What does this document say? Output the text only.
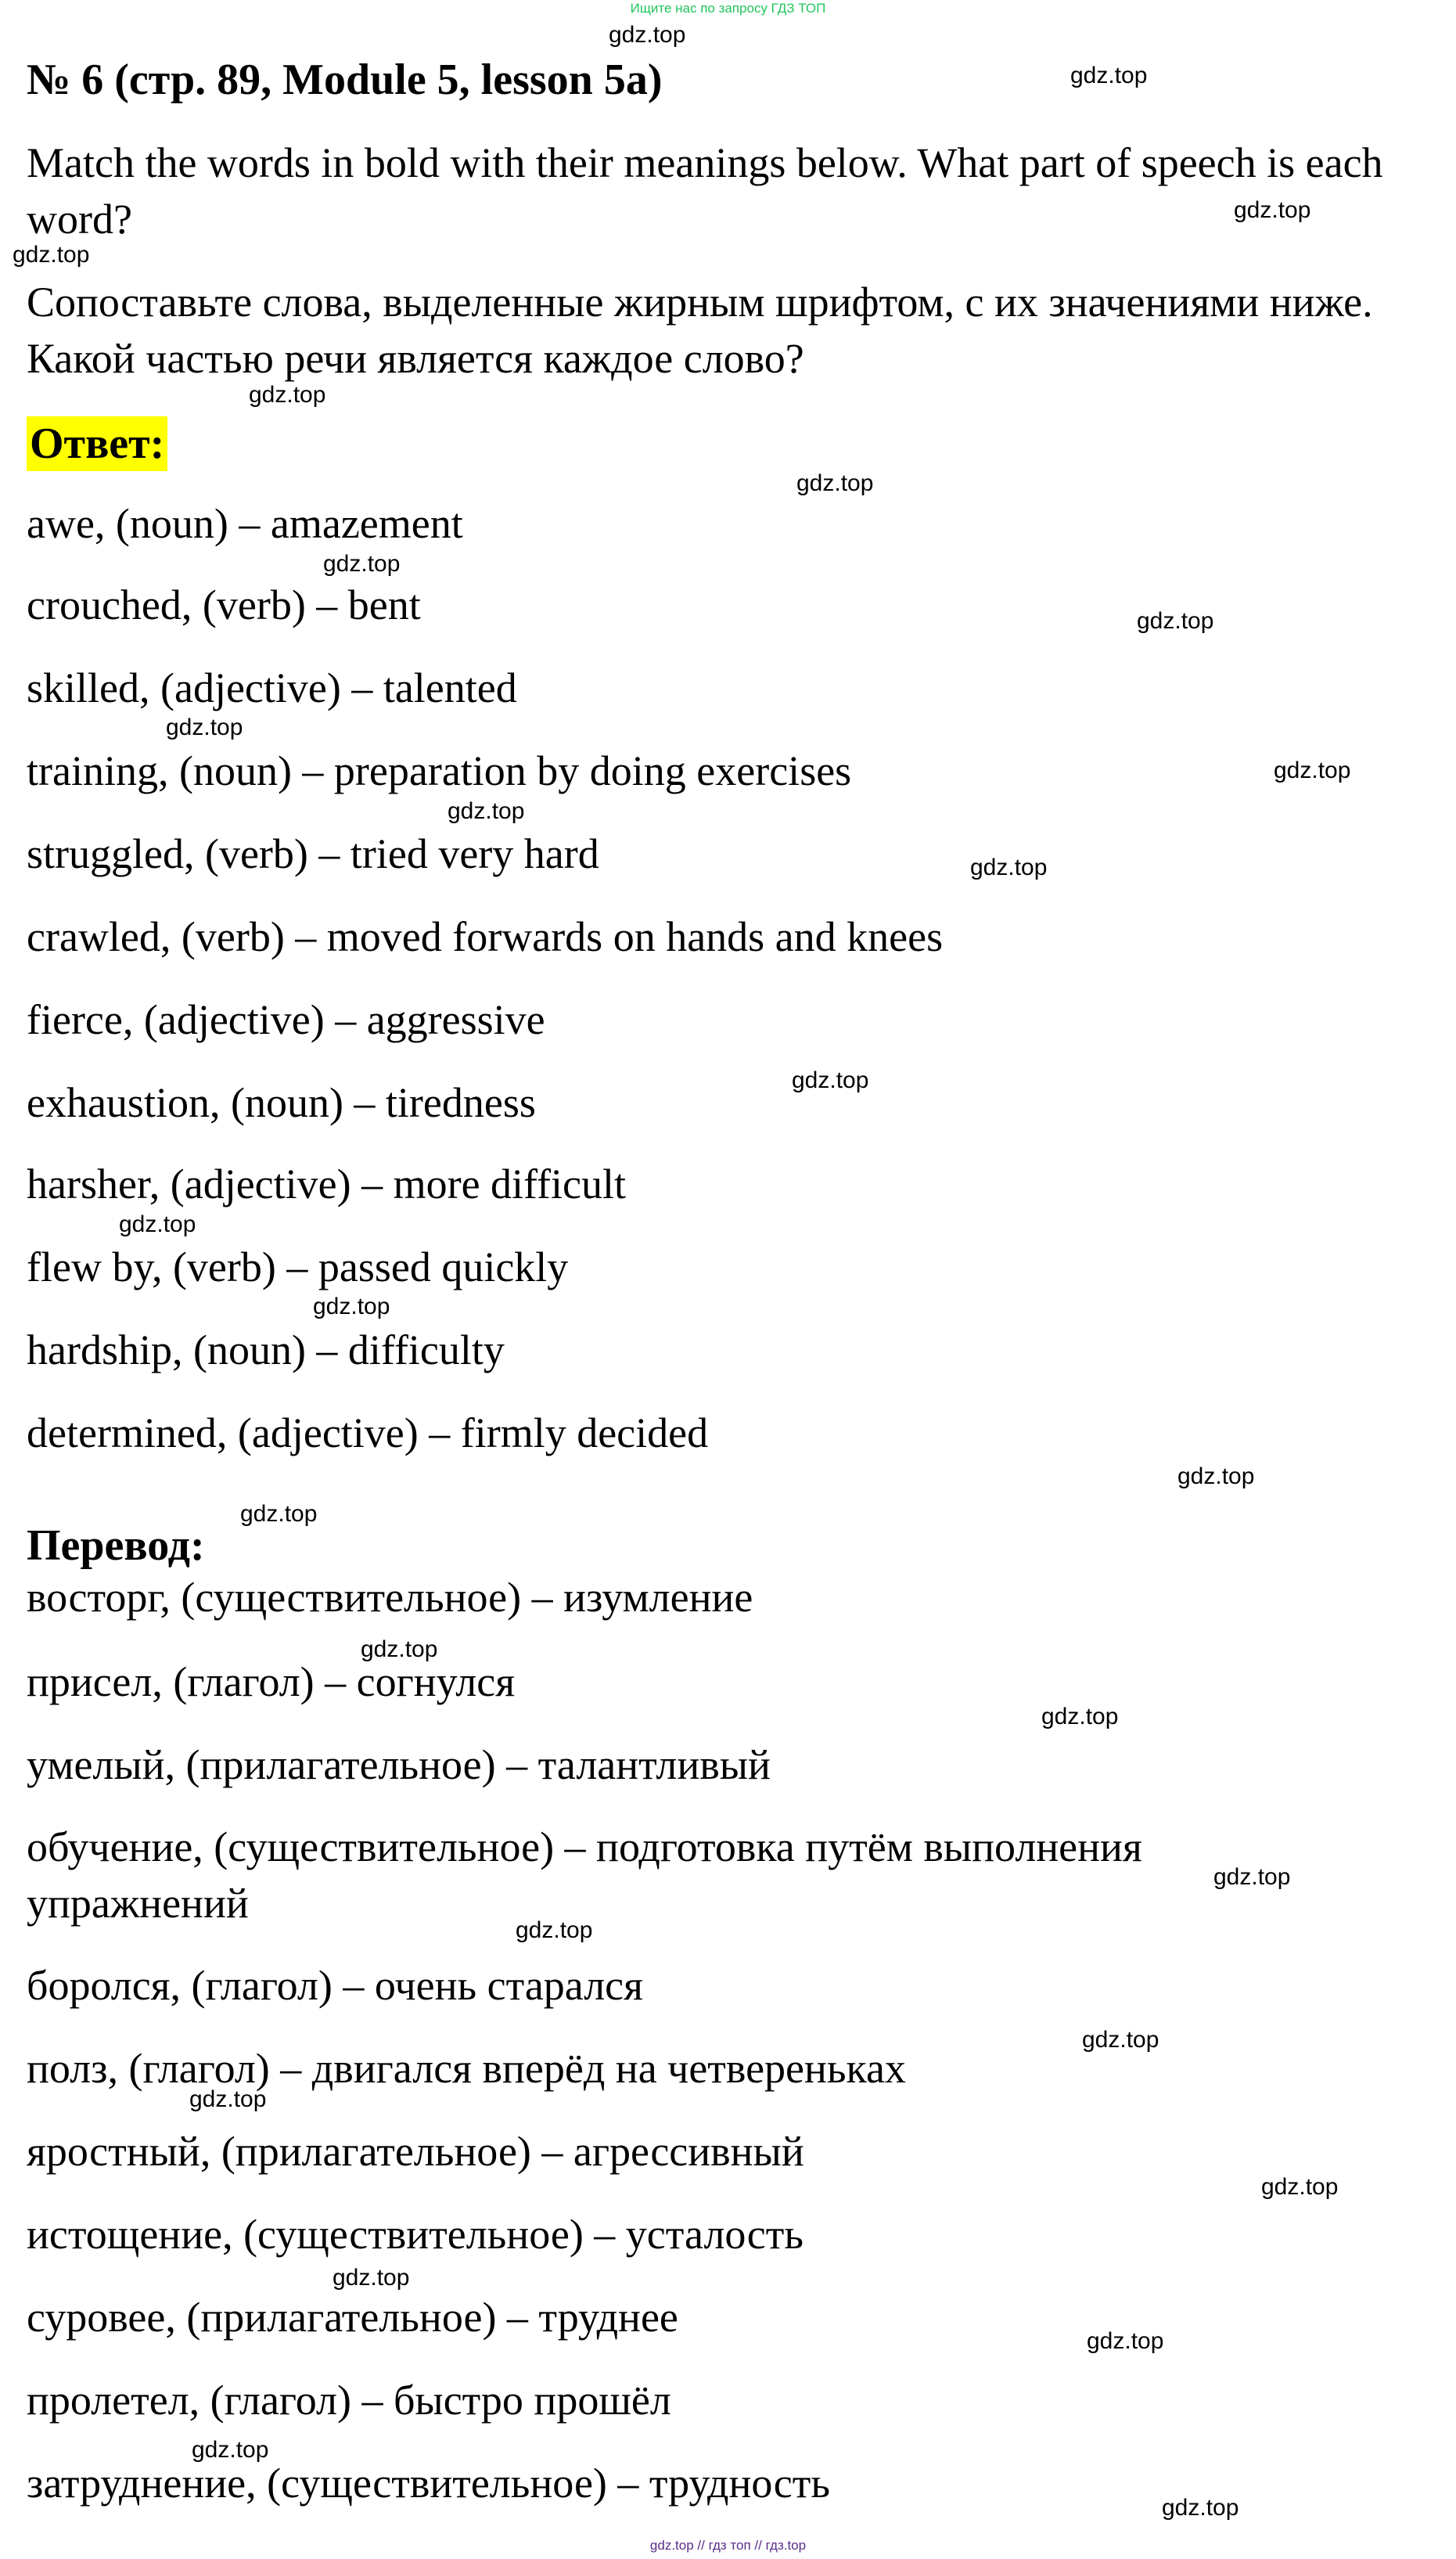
Ищите нас по запросу ГДЗ ТОП
gdz.top
№ 6 (стр. 89, Module 5, lesson 5a)	gdz.top
Match the words in bold with their meanings below. What part of speech is each word?	gdz.top
gdz.top
Сопоставьте слова, выделенные жирным шрифтом, с их значениями ниже. Какой частью речи является каждое слово?
gdz.top
Ответ:
gdz.top
awe, (noun) – amazement
gdz.top
crouched, (verb) – bent	gdz.top
skilled, (adjective) – talented
gdz.top
training, (noun) – preparation by doing exercises	gdz.top
gdz.top
struggled, (verb) – tried very hard	gdz.top
crawled, (verb) – moved forwards on hands and knees
fierce, (adjective) – aggressive
gdz.top
exhaustion, (noun) – tiredness
harsher, (adjective) – more difficult
gdz.top
flew by, (verb) – passed quickly
gdz.top
hardship, (noun) – difficulty
determined, (adjective) – firmly decided
gdz.top
Перевод:
gdz.top
восторг, (существительное) – изумление
gdz.top
присел, (глагол) – согнулся
gdz.top
умелый, (прилагательное) – талантливый
обучение, (существительное) – подготовка путём выполнения упражнений
gdz.top
gdz.top
боролся, (глагол) – очень старался
gdz.top
полз, (глагол) – двигался вперёд на четвереньках
gdz.top
яростный, (прилагательное) – агрессивный
gdz.top
истощение, (существительное) – усталость
gdz.top
суровее, (прилагательное) – труднее
gdz.top
пролетел, (глагол) – быстро прошёл
gdz.top
затруднение, (существительное) – трудность
gdz.top
gdz.top // гдз топ // гдз.top
